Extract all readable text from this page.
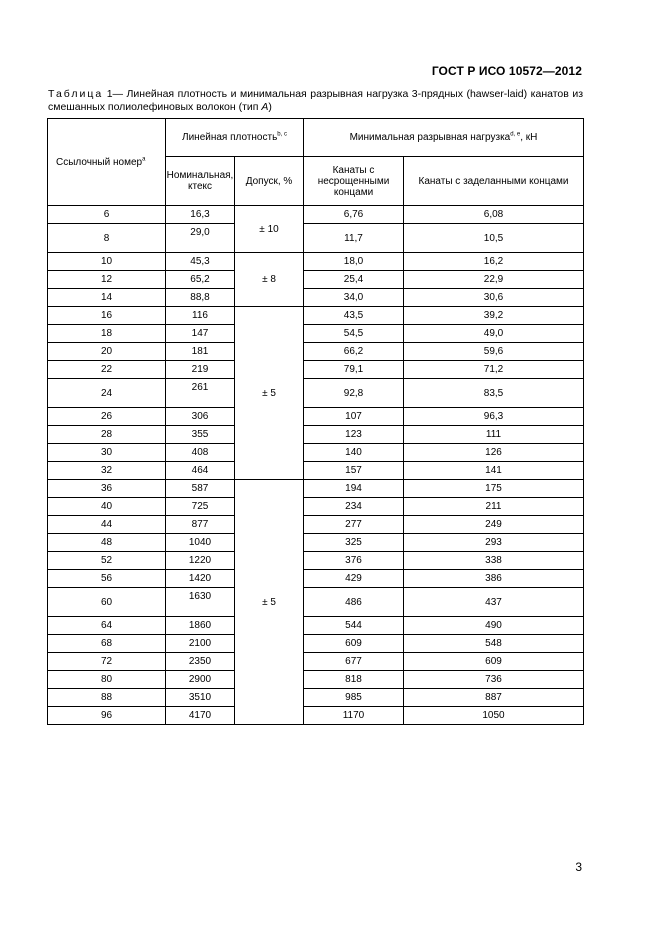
ГОСТ Р ИСО 10572—2012
Таблица 1— Линейная плотность и минимальная разрывная нагрузка 3-прядных (hawser-laid) канатов из смешанных полиолефиновых волокон (тип A)
Ссылочный номер$^a$	Линейная плотность$^{b, c}$		Минимальная разрывная нагрузка$^{d, e}$, кН	
	Номинальная, ктекс	Допуск, %	Канаты с несрощенными концами	Канаты с заделанными концами
6	16,3	± 10	6,76	6,08
8	29,0		11,7	10,5
10	45,3	± 8	18,0	16,2
12	65,2		25,4	22,9
14	88,8		34,0	30,6
16	116	± 5	43,5	39,2
18	147		54,5	49,0
20	181		66,2	59,6
22	219		79,1	71,2
24	261		92,8	83,5
26	306		107	96,3
28	355		123	111
30	408		140	126
32	464		157	141
36	587	± 5	194	175
40	725		234	211
44	877		277	249
48	1040		325	293
52	1220		376	338
56	1420		429	386
60	1630		486	437
64	1860		544	490
68	2100		609	548
72	2350		677	609
80	2900		818	736
88	3510		985	887
96	4170		1170	1050
3
